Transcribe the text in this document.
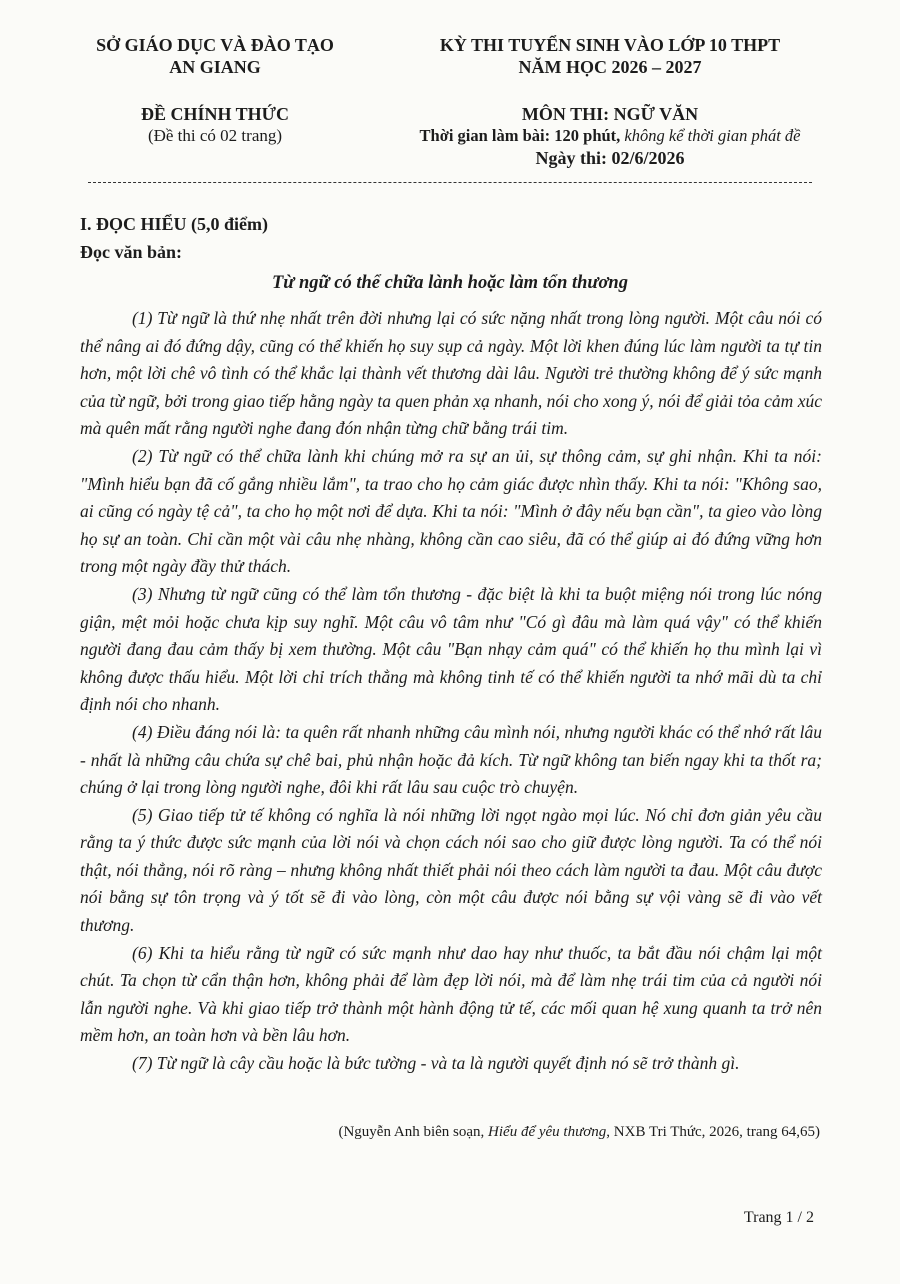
SỞ GIÁO DỤC VÀ ĐÀO TẠO
AN GIANG
ĐỀ CHÍNH THỨC
(Đề thi có 02 trang)
KỲ THI TUYỂN SINH VÀO LỚP 10 THPT
NĂM HỌC 2026 – 2027
MÔN THI: NGỮ VĂN
Thời gian làm bài: 120 phút, không kể thời gian phát đề
Ngày thi: 02/6/2026
I. ĐỌC HIỂU (5,0 điểm)
Đọc văn bản:
Từ ngữ có thể chữa lành hoặc làm tổn thương

(1) Từ ngữ là thứ nhẹ nhất trên đời nhưng lại có sức nặng nhất trong lòng người. Một câu nói có thể nâng ai đó đứng dậy, cũng có thể khiến họ suy sụp cả ngày. Một lời khen đúng lúc làm người ta tự tin hơn, một lời chê vô tình có thể khắc lại thành vết thương dài lâu. Người trẻ thường không để ý sức mạnh của từ ngữ, bởi trong giao tiếp hằng ngày ta quen phản xạ nhanh, nói cho xong ý, nói để giải tỏa cảm xúc mà quên mất rằng người nghe đang đón nhận từng chữ bằng trái tim.

(2) Từ ngữ có thể chữa lành khi chúng mở ra sự an ủi, sự thông cảm, sự ghi nhận. Khi ta nói: "Mình hiểu bạn đã cố gắng nhiều lắm", ta trao cho họ cảm giác được nhìn thấy. Khi ta nói: "Không sao, ai cũng có ngày tệ cả", ta cho họ một nơi để dựa. Khi ta nói: "Mình ở đây nếu bạn cần", ta gieo vào lòng họ sự an toàn. Chỉ cần một vài câu nhẹ nhàng, không cần cao siêu, đã có thể giúp ai đó đứng vững hơn trong một ngày đầy thử thách.

(3) Nhưng từ ngữ cũng có thể làm tổn thương - đặc biệt là khi ta buột miệng nói trong lúc nóng giận, mệt mỏi hoặc chưa kịp suy nghĩ. Một câu vô tâm như "Có gì đâu mà làm quá vậy" có thể khiến người đang đau cảm thấy bị xem thường. Một câu "Bạn nhạy cảm quá" có thể khiến họ thu mình lại vì không được thấu hiểu. Một lời chỉ trích thẳng mà không tinh tế có thể khiến người ta nhớ mãi dù ta chỉ định nói cho nhanh.

(4) Điều đáng nói là: ta quên rất nhanh những câu mình nói, nhưng người khác có thể nhớ rất lâu - nhất là những câu chứa sự chê bai, phủ nhận hoặc đả kích. Từ ngữ không tan biến ngay khi ta thốt ra; chúng ở lại trong lòng người nghe, đôi khi rất lâu sau cuộc trò chuyện.

(5) Giao tiếp tử tế không có nghĩa là nói những lời ngọt ngào mọi lúc. Nó chỉ đơn giản yêu cầu rằng ta ý thức được sức mạnh của lời nói và chọn cách nói sao cho giữ được lòng người. Ta có thể nói thật, nói thẳng, nói rõ ràng – nhưng không nhất thiết phải nói theo cách làm người ta đau. Một câu được nói bằng sự tôn trọng và ý tốt sẽ đi vào lòng, còn một câu được nói bằng sự vội vàng sẽ đi vào vết thương.

(6) Khi ta hiểu rằng từ ngữ có sức mạnh như dao hay như thuốc, ta bắt đầu nói chậm lại một chút. Ta chọn từ cẩn thận hơn, không phải để làm đẹp lời nói, mà để làm nhẹ trái tim của cả người nói lẫn người nghe. Và khi giao tiếp trở thành một hành động tử tế, các mối quan hệ xung quanh ta trở nên mềm hơn, an toàn hơn và bền lâu hơn.

(7) Từ ngữ là cây cầu hoặc là bức tường - và ta là người quyết định nó sẽ trở thành gì.

(Nguyễn Anh biên soạn, Hiểu để yêu thương, NXB Tri Thức, 2026, trang 64,65)
Trang 1 / 2
